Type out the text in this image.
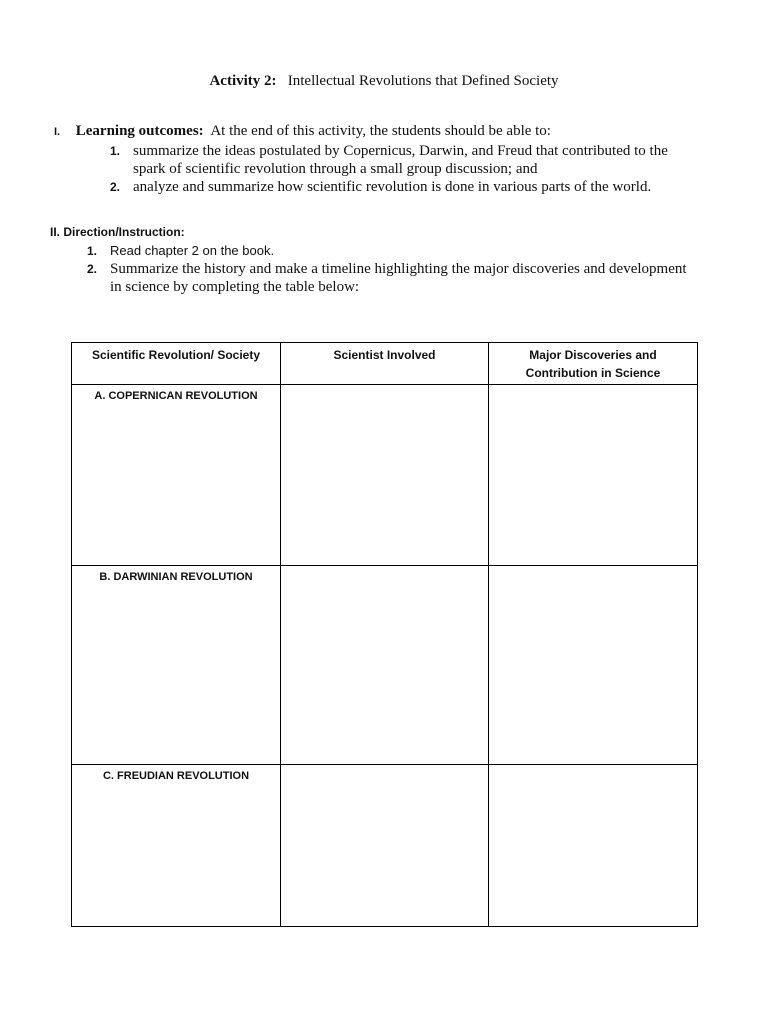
Activity 2: Intellectual Revolutions that Defined Society
I. Learning outcomes: At the end of this activity, the students should be able to:
1. summarize the ideas postulated by Copernicus, Darwin, and Freud that contributed to the
spark of scientific revolution through a small group discussion; and
2. analyze and summarize how scientific revolution is done in various parts of the world.
II. Direction/Instruction:
1. Read chapter 2 on the book.
2. Summarize the history and make a timeline highlighting the major discoveries and development
in science by completing the table below:
Scientific Revolution/ Society	Scientist Involved	Major Discoveries and Contribution in Science
A. COPERNICAN REVOLUTION		
B. DARWINIAN REVOLUTION		
C. FREUDIAN REVOLUTION		
